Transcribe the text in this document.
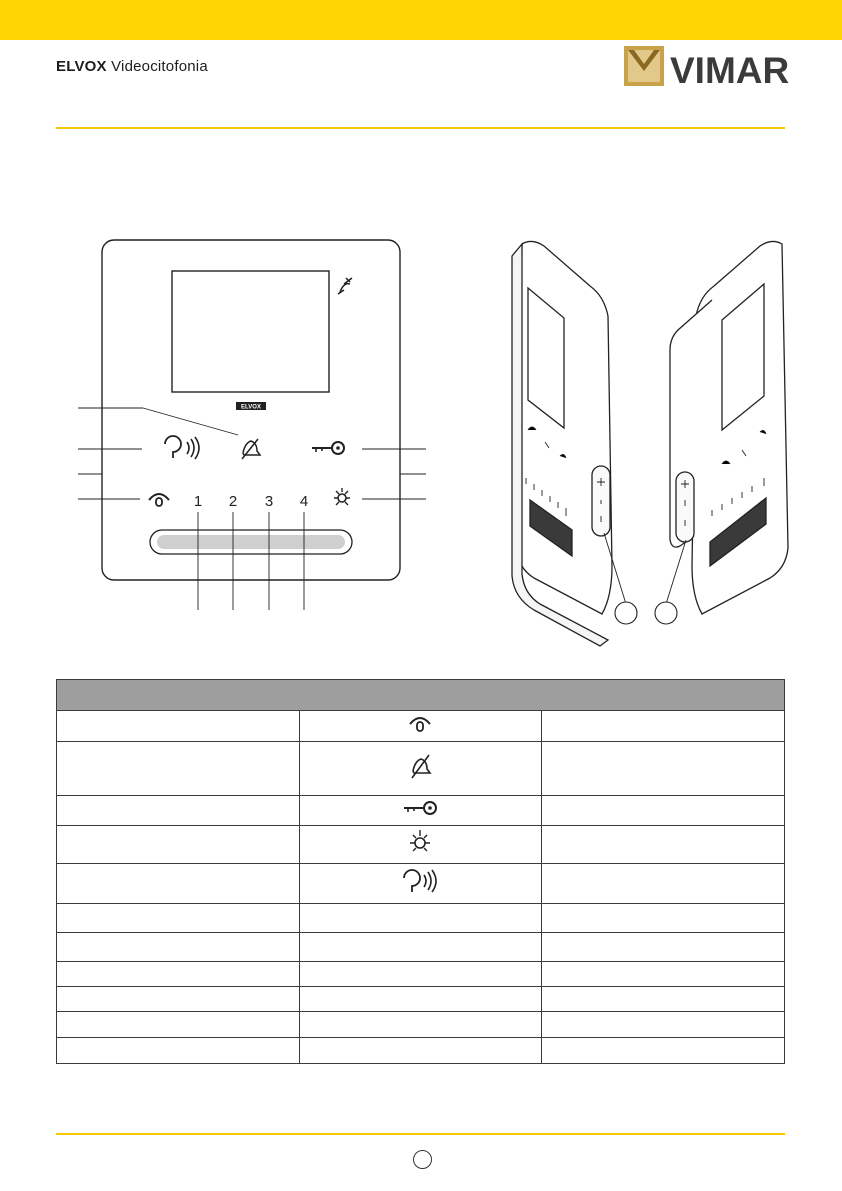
ELVOX Videocitofonia	VIMAR
ELVOX
1 2 3 4
